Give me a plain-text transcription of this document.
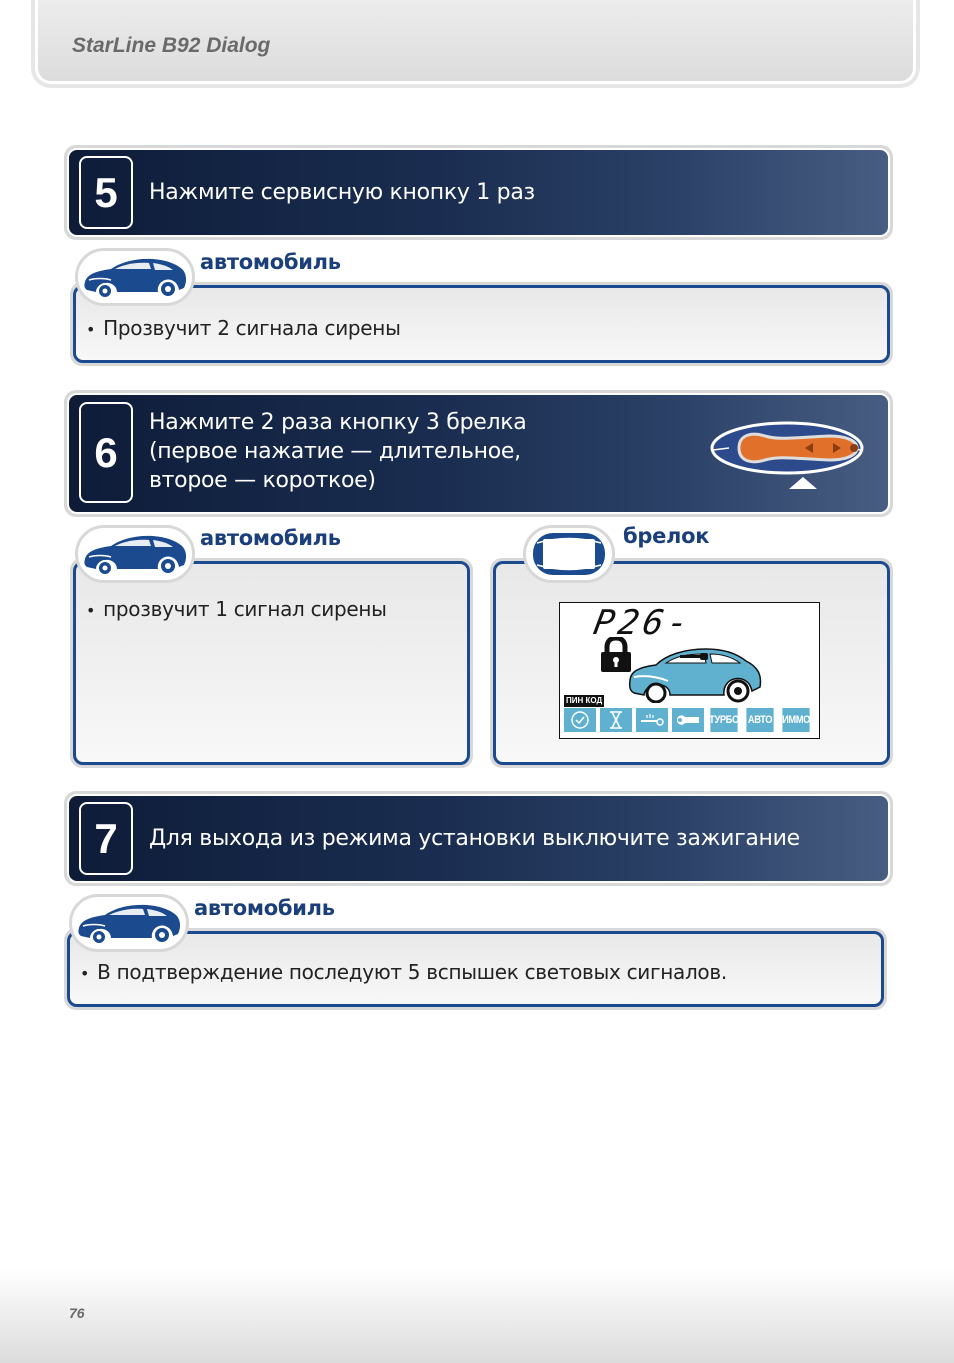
StarLine B92 Dialog
5	Нажмите сервисную кнопку 1 раз
• Прозвучит 2 сигнала сирены
автомобиль
6
Нажмите 2 раза кнопку 3 брелка
(первое нажатие — длительное,
второе — короткое)
• прозвучит 1 сигнал сирены
автомобиль
P26-
ПИН КОД
ТУРБО АВТО ИММО
брелок
7	Для выхода из режима установки выключите зажигание
• В подтверждение последуют 5 вспышек световых сигналов.
автомобиль
76
